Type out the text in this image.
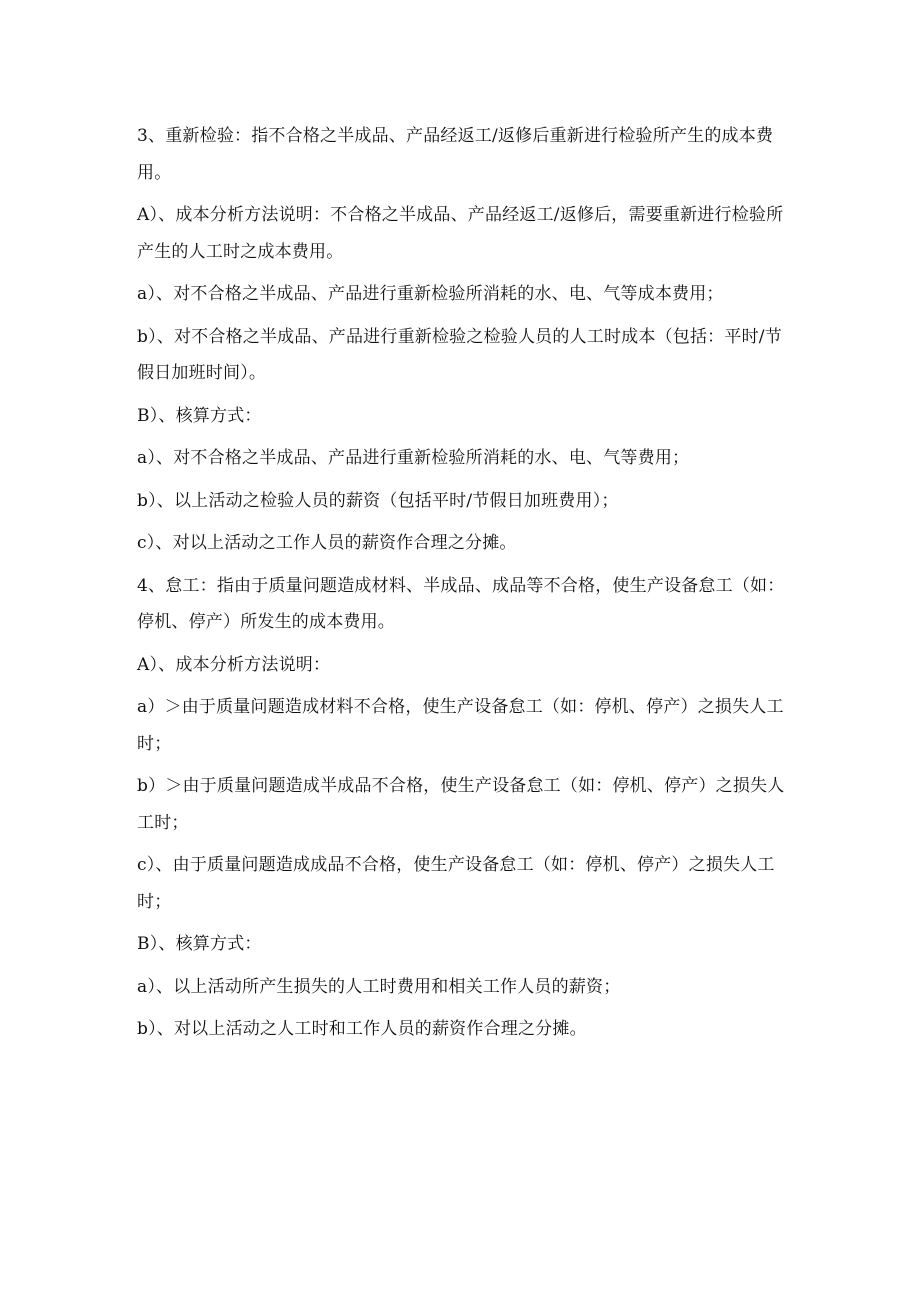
3、重新检验：指不合格之半成品、产品经返工/返修后重新进行检验所产生的成本费用。

A）、成本分析方法说明：不合格之半成品、产品经返工/返修后，需要重新进行检验所产生的人工时之成本费用。

a）、对不合格之半成品、产品进行重新检验所消耗的水、电、气等成本费用；

b）、对不合格之半成品、产品进行重新检验之检验人员的人工时成本（包括：平时/节假日加班时间）。

B）、核算方式：

a）、对不合格之半成品、产品进行重新检验所消耗的水、电、气等费用；

b）、以上活动之检验人员的薪资（包括平时/节假日加班费用）；

c）、对以上活动之工作人员的薪资作合理之分摊。

4、怠工：指由于质量问题造成材料、半成品、成品等不合格，使生产设备怠工（如：停机、停产）所发生的成本费用。

A）、成本分析方法说明：

a）＞由于质量问题造成材料不合格，使生产设备怠工（如：停机、停产）之损失人工时；

b）＞由于质量问题造成半成品不合格，使生产设备怠工（如：停机、停产）之损失人工时；

c）、由于质量问题造成成品不合格，使生产设备怠工（如：停机、停产）之损失人工时；

B）、核算方式：

a）、以上活动所产生损失的人工时费用和相关工作人员的薪资；

b）、对以上活动之人工时和工作人员的薪资作合理之分摊。
